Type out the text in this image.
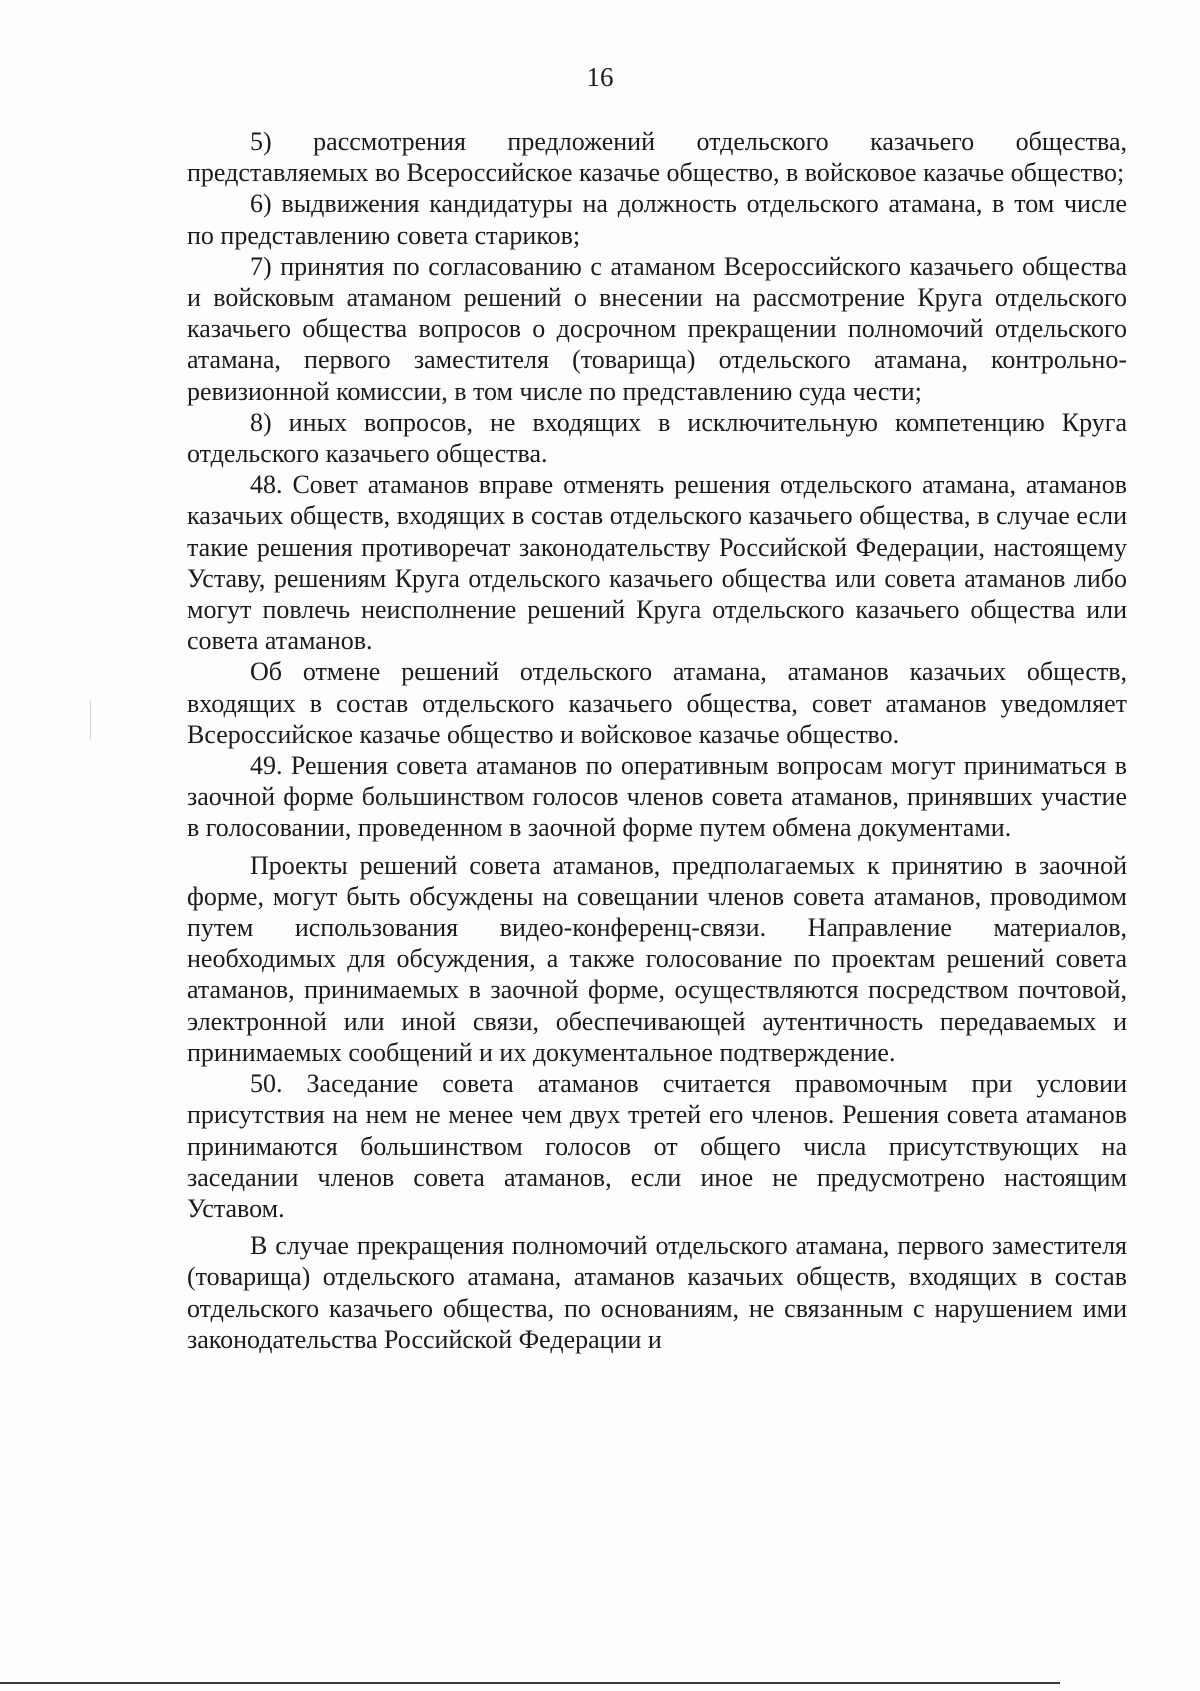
16

5) рассмотрения предложений отдельского казачьего общества, представляемых во Всероссийское казачье общество, в войсковое казачье общество;

6) выдвижения кандидатуры на должность отдельского атамана, в том числе по представлению совета стариков;

7) принятия по согласованию с атаманом Всероссийского казачьего общества и войсковым атаманом решений о внесении на рассмотрение Круга отдельского казачьего общества вопросов о досрочном прекращении полномочий отдельского атамана, первого заместителя (товарища) отдельского атамана, контрольно-ревизионной комиссии, в том числе по представлению суда чести;

8) иных вопросов, не входящих в исключительную компетенцию Круга отдельского казачьего общества.

48. Совет атаманов вправе отменять решения отдельского атамана, атаманов казачьих обществ, входящих в состав отдельского казачьего общества, в случае если такие решения противоречат законодательству Российской Федерации, настоящему Уставу, решениям Круга отдельского казачьего общества или совета атаманов либо могут повлечь неисполнение решений Круга отдельского казачьего общества или совета атаманов.

Об отмене решений отдельского атамана, атаманов казачьих обществ, входящих в состав отдельского казачьего общества, совет атаманов уведомляет Всероссийское казачье общество и войсковое казачье общество.

49. Решения совета атаманов по оперативным вопросам могут приниматься в заочной форме большинством голосов членов совета атаманов, принявших участие в голосовании, проведенном в заочной форме путем обмена документами.

Проекты решений совета атаманов, предполагаемых к принятию в заочной форме, могут быть обсуждены на совещании членов совета атаманов, проводимом путем использования видео-конференц-связи. Направление материалов, необходимых для обсуждения, а также голосование по проектам решений совета атаманов, принимаемых в заочной форме, осуществляются посредством почтовой, электронной или иной связи, обеспечивающей аутентичность передаваемых и принимаемых сообщений и их документальное подтверждение.

50. Заседание совета атаманов считается правомочным при условии присутствия на нем не менее чем двух третей его членов. Решения совета атаманов принимаются большинством голосов от общего числа присутствующих на заседании членов совета атаманов, если иное не предусмотрено настоящим Уставом.

В случае прекращения полномочий отдельского атамана, первого заместителя (товарища) отдельского атамана, атаманов казачьих обществ, входящих в состав отдельского казачьего общества, по основаниям, не связанным с нарушением ими законодательства Российской Федерации и
